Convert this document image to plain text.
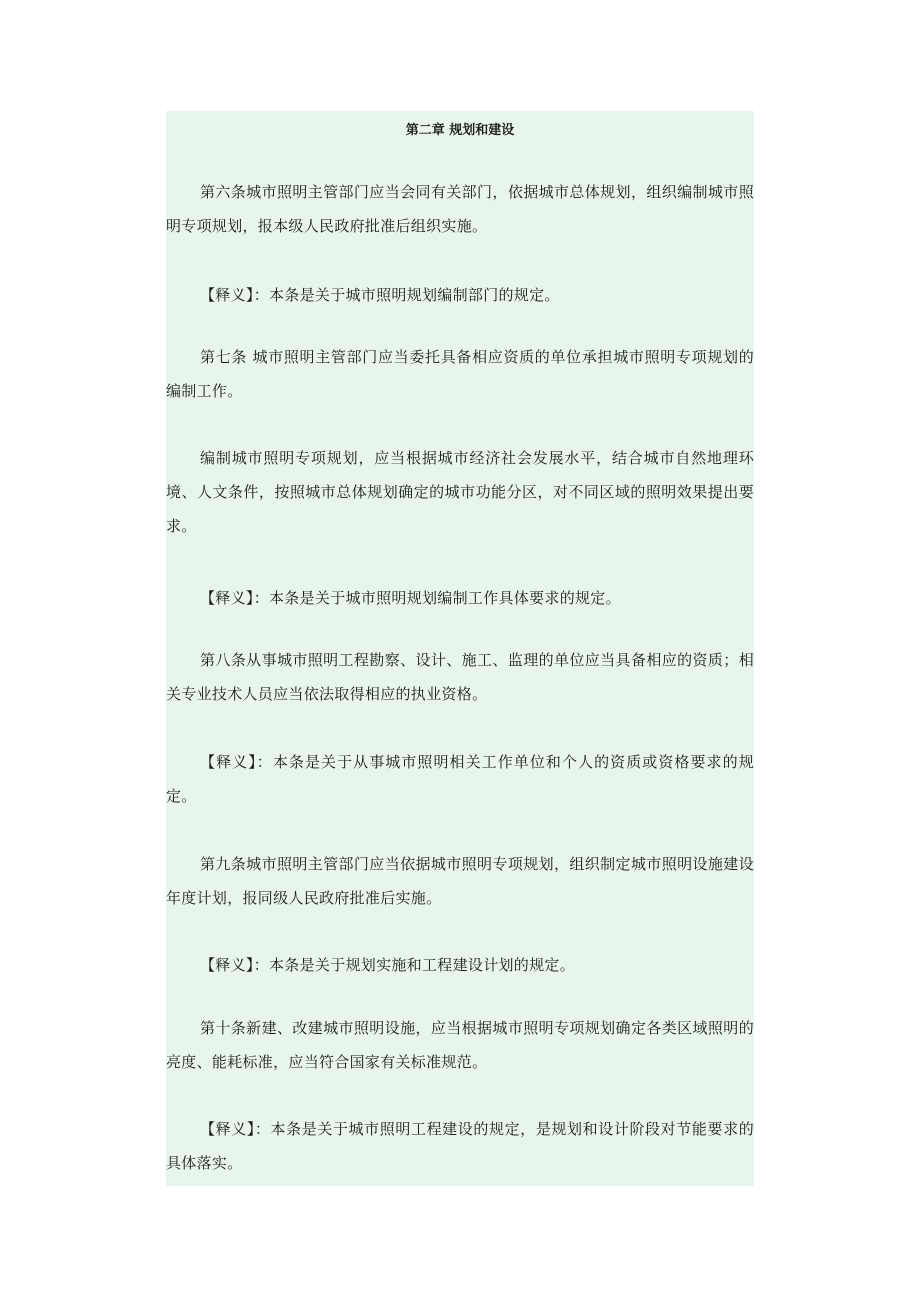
第二章 规划和建设

第六条城市照明主管部门应当会同有关部门，依据城市总体规划，组织编制城市照明专项规划，报本级人民政府批准后组织实施。

【释义】：本条是关于城市照明规划编制部门的规定。

第七条 城市照明主管部门应当委托具备相应资质的单位承担城市照明专项规划的编制工作。

编制城市照明专项规划，应当根据城市经济社会发展水平，结合城市自然地理环境、人文条件，按照城市总体规划确定的城市功能分区，对不同区域的照明效果提出要求。

【释义】：本条是关于城市照明规划编制工作具体要求的规定。

第八条从事城市照明工程勘察、设计、施工、监理的单位应当具备相应的资质；相关专业技术人员应当依法取得相应的执业资格。

【释义】：本条是关于从事城市照明相关工作单位和个人的资质或资格要求的规定。

第九条城市照明主管部门应当依据城市照明专项规划，组织制定城市照明设施建设年度计划，报同级人民政府批准后实施。

【释义】：本条是关于规划实施和工程建设计划的规定。

第十条新建、改建城市照明设施，应当根据城市照明专项规划确定各类区域照明的亮度、能耗标准，应当符合国家有关标准规范。

【释义】：本条是关于城市照明工程建设的规定，是规划和设计阶段对节能要求的具体落实。
